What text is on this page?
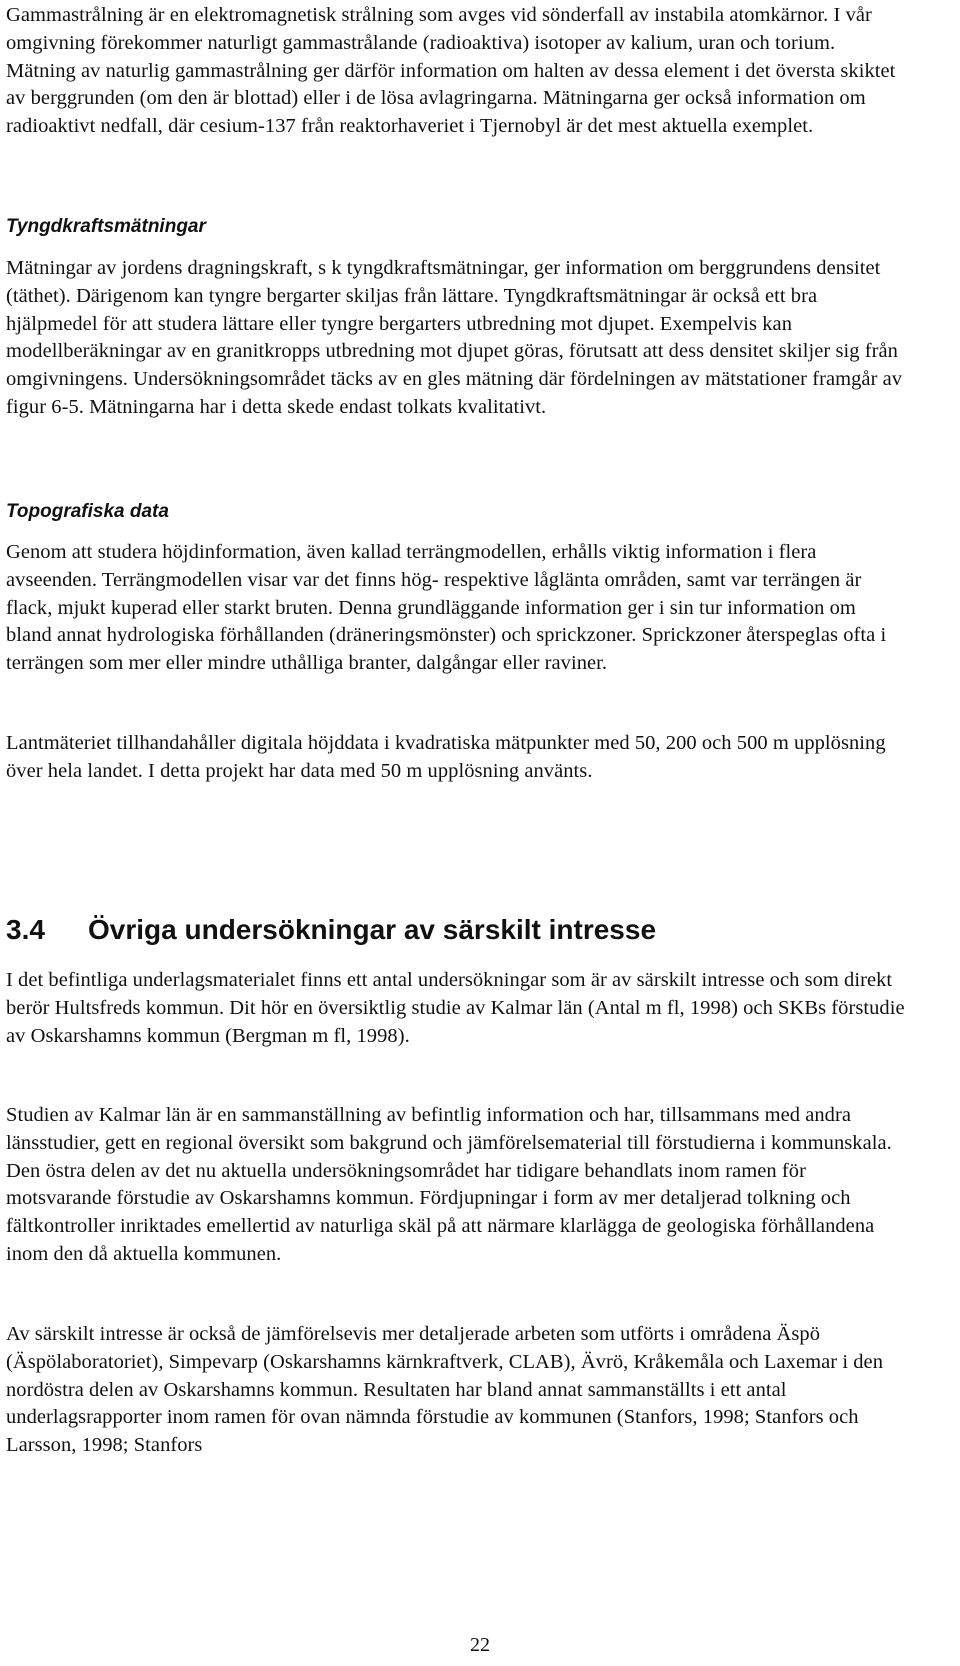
Gammastrålning är en elektromagnetisk strålning som avges vid sönderfall av instabila atomkärnor. I vår omgivning förekommer naturligt gammastrålande (radioaktiva) isotoper av kalium, uran och torium. Mätning av naturlig gammastrålning ger därför information om halten av dessa element i det översta skiktet av berggrunden (om den är blottad) eller i de lösa avlagringarna. Mätningarna ger också information om radioaktivt nedfall, där cesium-137 från reaktorhaveriet i Tjernobyl är det mest aktuella exemplet.

Tyngdkraftsmätningar

Mätningar av jordens dragningskraft, s k tyngdkraftsmätningar, ger information om berggrundens densitet (täthet). Därigenom kan tyngre bergarter skiljas från lättare. Tyngdkraftsmätningar är också ett bra hjälpmedel för att studera lättare eller tyngre bergarters utbredning mot djupet. Exempelvis kan modellberäkningar av en granitkropps utbredning mot djupet göras, förutsatt att dess densitet skiljer sig från omgivningens. Undersökningsområdet täcks av en gles mätning där fördelningen av mätstationer framgår av figur 6-5. Mätningarna har i detta skede endast tolkats kvalitativt.

Topografiska data

Genom att studera höjdinformation, även kallad terrängmodellen, erhålls viktig information i flera avseenden. Terrängmodellen visar var det finns hög- respektive låglänta områden, samt var terrängen är flack, mjukt kuperad eller starkt bruten. Denna grundläggande information ger i sin tur information om bland annat hydrologiska förhållanden (dräneringsmönster) och sprickzoner. Sprickzoner återspeglas ofta i terrängen som mer eller mindre uthålliga branter, dalgångar eller raviner.

Lantmäteriet tillhandahåller digitala höjddata i kvadratiska mätpunkter med 50, 200 och 500 m upplösning över hela landet. I detta projekt har data med 50 m upplösning använts.

3.4 Övriga undersökningar av särskilt intresse

I det befintliga underlagsmaterialet finns ett antal undersökningar som är av särskilt intresse och som direkt berör Hultsfreds kommun. Dit hör en översiktlig studie av Kalmar län (Antal m fl, 1998) och SKBs förstudie av Oskarshamns kommun (Bergman m fl, 1998).

Studien av Kalmar län är en sammanställning av befintlig information och har, tillsammans med andra länsstudier, gett en regional översikt som bakgrund och jämförelsematerial till förstudierna i kommunskala. Den östra delen av det nu aktuella undersökningsområdet har tidigare behandlats inom ramen för motsvarande förstudie av Oskarshamns kommun. Fördjupningar i form av mer detaljerad tolkning och fältkontroller inriktades emellertid av naturliga skäl på att närmare klarlägga de geologiska förhållandena inom den då aktuella kommunen.

Av särskilt intresse är också de jämförelsevis mer detaljerade arbeten som utförts i områdena Äspö (Äspölaboratoriet), Simpevarp (Oskarshamns kärnkraftverk, CLAB), Ävrö, Kråkemåla och Laxemar i den nordöstra delen av Oskarshamns kommun. Resultaten har bland annat sammanställts i ett antal underlagsrapporter inom ramen för ovan nämnda förstudie av kommunen (Stanfors, 1998; Stanfors och Larsson, 1998; Stanfors

22
